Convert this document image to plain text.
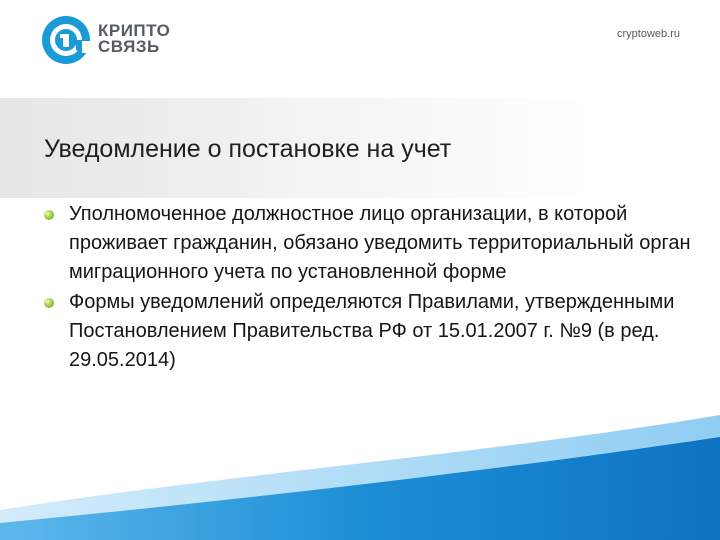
КРИПТО
СВЯЗЬ
cryptoweb.ru
Уведомление о постановке на учет
Уполномоченное должностное лицо организации, в которой проживает гражданин, обязано уведомить территориальный орган миграционного учета по установленной форме
Формы уведомлений определяются Правилами, утвержденными Постановлением Правительства РФ от 15.01.2007 г. №9 (в ред. 29.05.2014)
